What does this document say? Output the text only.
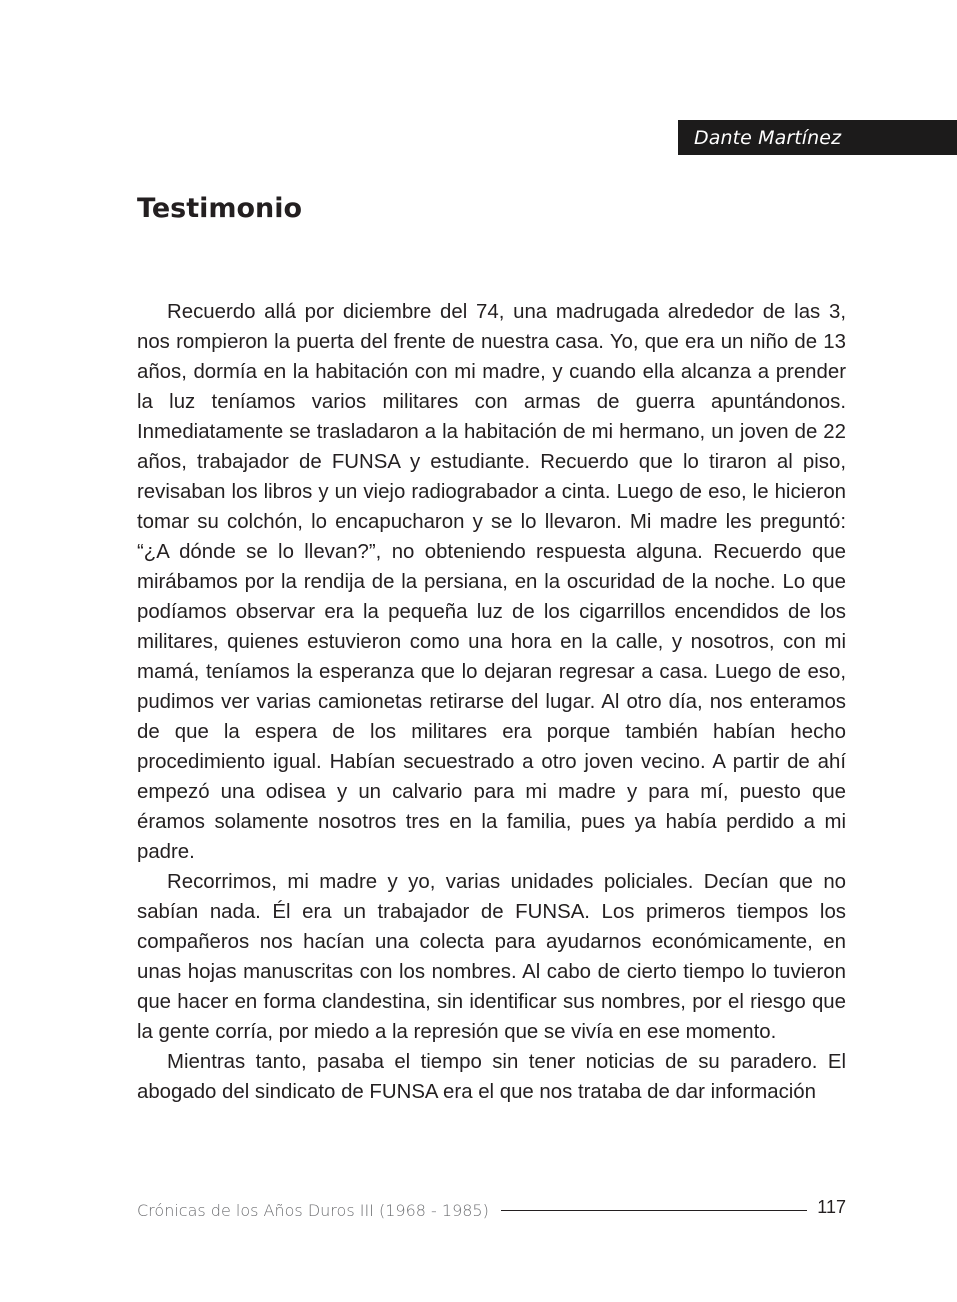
Dante Martínez
Testimonio

Recuerdo allá por diciembre del 74, una madrugada alrededor de las 3, nos rompieron la puerta del frente de nuestra casa. Yo, que era un niño de 13 años, dormía en la habitación con mi madre, y cuando ella alcanza a prender la luz teníamos varios militares con armas de guerra apuntándonos. Inmediatamente se trasladaron a la habitación de mi hermano, un joven de 22 años, trabajador de FUNSA y estudiante. Recuerdo que lo tiraron al piso, revisaban los libros y un viejo radiograbador a cinta. Luego de eso, le hicieron tomar su colchón, lo encapucharon y se lo llevaron. Mi madre les preguntó: “¿A dónde se lo llevan?”, no obteniendo respuesta alguna. Recuerdo que mirábamos por la rendija de la persiana, en la oscuridad de la noche. Lo que podíamos observar era la pequeña luz de los cigarrillos encendidos de los militares, quienes estuvieron como una hora en la calle, y nosotros, con mi mamá, teníamos la esperanza que lo dejaran regresar a casa. Luego de eso, pudimos ver varias camionetas retirarse del lugar. Al otro día, nos enteramos de que la espera de los militares era porque también habían hecho procedimiento igual. Habían secuestrado a otro joven vecino. A partir de ahí empezó una odisea y un calvario para mi madre y para mí, puesto que éramos solamente nosotros tres en la familia, pues ya había perdido a mi padre.

Recorrimos, mi madre y yo, varias unidades policiales. Decían que no sabían nada. Él era un trabajador de FUNSA. Los primeros tiempos los compañeros nos hacían una colecta para ayudarnos económicamente, en unas hojas manuscritas con los nombres. Al cabo de cierto tiempo lo tuvieron que hacer en forma clandestina, sin identificar sus nombres, por el riesgo que la gente corría, por miedo a la represión que se vivía en ese momento.

Mientras tanto, pasaba el tiempo sin tener noticias de su paradero. El abogado del sindicato de FUNSA era el que nos trataba de dar información

Crónicas de los Años Duros III (1968 - 1985)	117
